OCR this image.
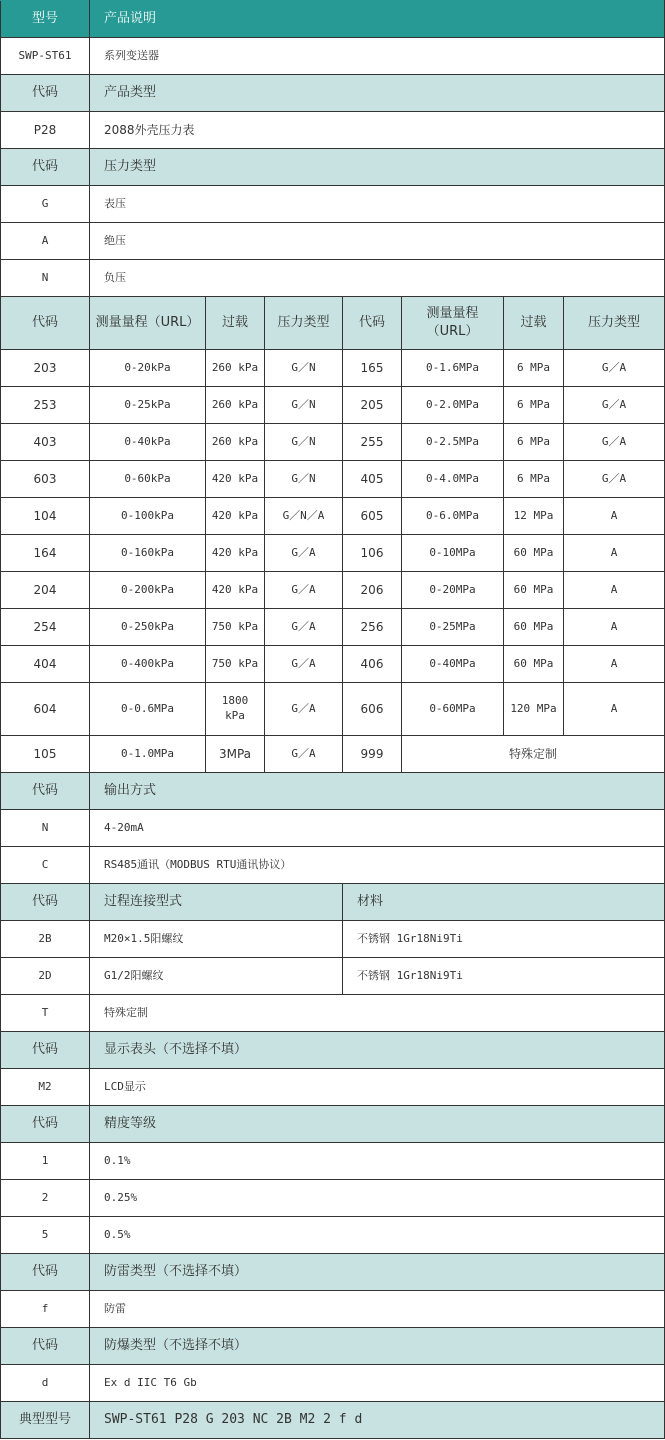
型号	产品说明						
SWP-ST61	系列变送器						
代码	产品类型						
P28	2088外壳压力表						
代码	压力类型						
G	表压						
A	绝压						
N	负压						
代码	测量量程（URL）	过载	压力类型	代码	测量量程（URL）	过载	压力类型
203	0-20kPa	260 kPa	G／N	165	0-1.6MPa	6 MPa	G／A
253	0-25kPa	260 kPa	G／N	205	0-2.0MPa	6 MPa	G／A
403	0-40kPa	260 kPa	G／N	255	0-2.5MPa	6 MPa	G／A
603	0-60kPa	420 kPa	G／N	405	0-4.0MPa	6 MPa	G／A
104	0-100kPa	420 kPa	G／N／A	605	0-6.0MPa	12 MPa	A
164	0-160kPa	420 kPa	G／A	106	0-10MPa	60 MPa	A
204	0-200kPa	420 kPa	G／A	206	0-20MPa	60 MPa	A
254	0-250kPa	750 kPa	G／A	256	0-25MPa	60 MPa	A
404	0-400kPa	750 kPa	G／A	406	0-40MPa	60 MPa	A
604	0-0.6MPa	1800 kPa	G／A	606	0-60MPa	120 MPa	A
105	0-1.0MPa	3MPa	G／A	999	特殊定制		
代码	输出方式						
N	4-20mA						
C	RS485通讯（MODBUS RTU通讯协议）						
代码	过程连接型式			材料			
2B	M20×1.5阳螺纹			不锈钢 1Gr18Ni9Ti			
2D	G1/2阳螺纹			不锈钢 1Gr18Ni9Ti			
T	特殊定制						
代码	显示表头（不选择不填）						
M2	LCD显示						
代码	精度等级						
1	0.1%						
2	0.25%						
5	0.5%						
代码	防雷类型（不选择不填）						
f	防雷						
代码	防爆类型（不选择不填）						
d	Ex d IIC T6 Gb						
典型型号	SWP-ST61 P28 G 203 NC 2B M2 2 f d						
